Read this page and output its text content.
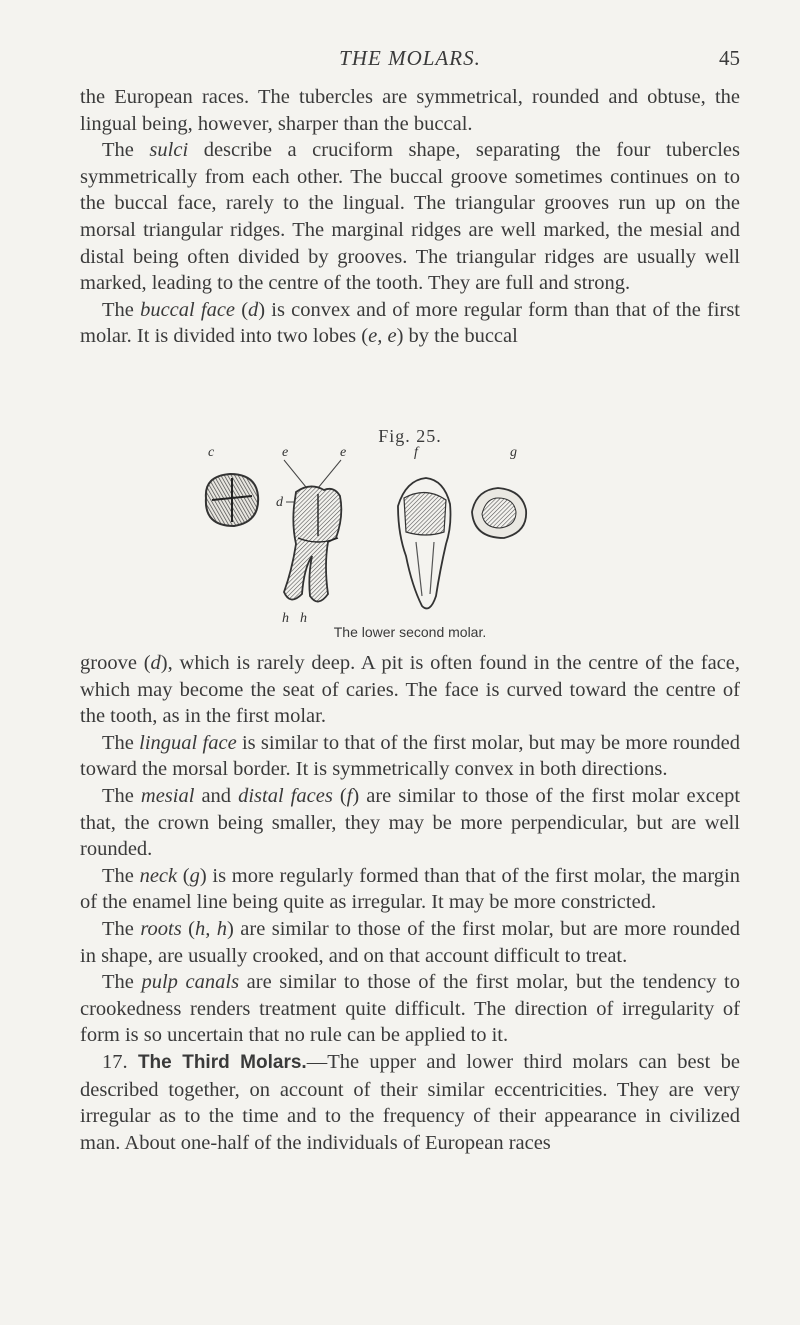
THE MOLARS.	45

the European races. The tubercles are symmetrical, rounded and obtuse, the lingual being, however, sharper than the buccal.

The sulci describe a cruciform shape, separating the four tubercles symmetrically from each other. The buccal groove sometimes continues on to the buccal face, rarely to the lingual. The triangular grooves run up on the morsal triangular ridges. The marginal ridges are well marked, the mesial and distal being often divided by grooves. The triangular ridges are usually well marked, leading to the centre of the tooth. They are full and strong.

The buccal face (d) is convex and of more regular form than that of the first molar. It is divided into two lobes (e, e) by the buccal

Fig. 25.
c	e	e	f	g
d
h h
The lower second molar.

groove (d), which is rarely deep. A pit is often found in the centre of the face, which may become the seat of caries. The face is curved toward the centre of the tooth, as in the first molar.

The lingual face is similar to that of the first molar, but may be more rounded toward the morsal border. It is symmetrically convex in both directions.

The mesial and distal faces (f) are similar to those of the first molar except that, the crown being smaller, they may be more perpendicular, but are well rounded.

The neck (g) is more regularly formed than that of the first molar, the margin of the enamel line being quite as irregular. It may be more constricted.

The roots (h, h) are similar to those of the first molar, but are more rounded in shape, are usually crooked, and on that account difficult to treat.

The pulp canals are similar to those of the first molar, but the tendency to crookedness renders treatment quite difficult. The direction of irregularity of form is so uncertain that no rule can be applied to it.

17. The Third Molars.—The upper and lower third molars can best be described together, on account of their similar eccentricities. They are very irregular as to the time and to the frequency of their appearance in civilized man. About one-half of the individuals of European races
